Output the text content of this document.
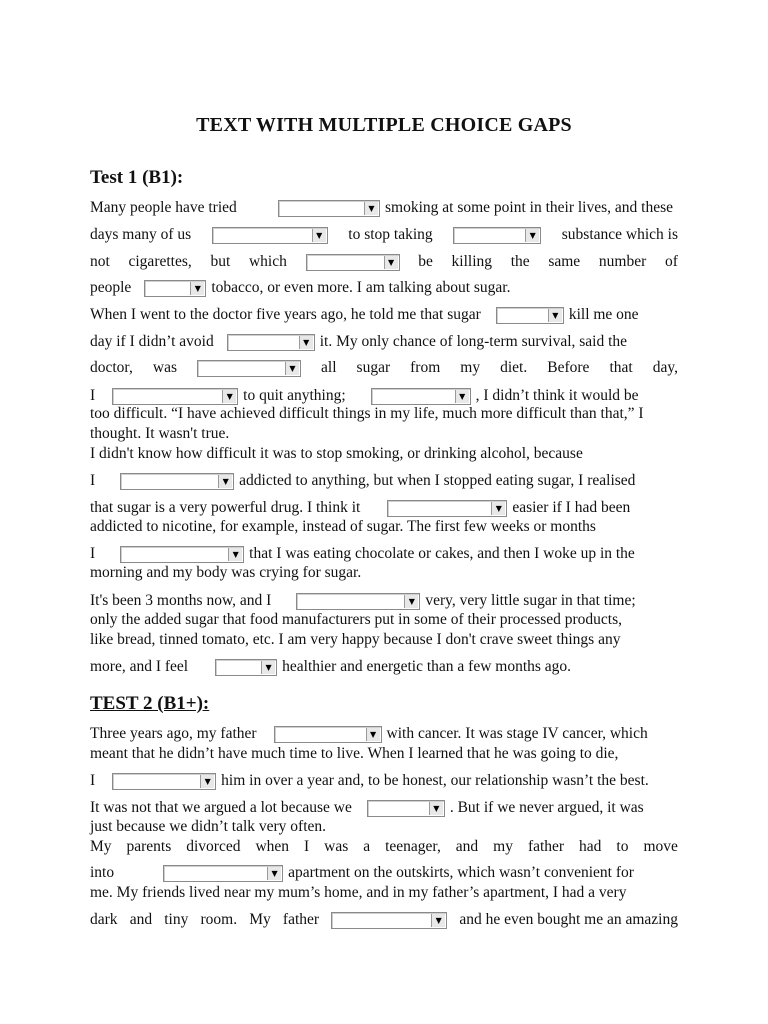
TEXT WITH MULTIPLE CHOICE GAPS
Test 1 (B1):
Many people have tried	▼ smoking at some point in their lives, and these
days many of us	▼ to stop taking	▼ substance which is
not cigarettes, but which	▼ be killing the same number of
people	▼ tobacco, or even more. I am talking about sugar.
When I went to the doctor five years ago, he told me that sugar	▼ kill me one
day if I didn’t avoid	▼ it. My only chance of long-term survival, said the
doctor, was	▼ all sugar from my diet. Before that day,
I	▼ to quit anything;	▼ , I didn’t think it would be
too difficult. “I have achieved difficult things in my life, much more difficult than that,” I
thought. It wasn't true.
I didn't know how difficult it was to stop smoking, or drinking alcohol, because
I	▼ addicted to anything, but when I stopped eating sugar, I realised
that sugar is a very powerful drug. I think it	▼ easier if I had been
addicted to nicotine, for example, instead of sugar. The first few weeks or months
I	▼ that I was eating chocolate or cakes, and then I woke up in the
morning and my body was crying for sugar.
It's been 3 months now, and I	▼ very, very little sugar in that time;
only the added sugar that food manufacturers put in some of their processed products,
like bread, tinned tomato, etc. I am very happy because I don't crave sweet things any
more, and I feel	▼ healthier and energetic than a few months ago.
TEST 2 (B1+):
Three years ago, my father	▼ with cancer. It was stage IV cancer, which
meant that he didn’t have much time to live. When I learned that he was going to die,
I	▼ him in over a year and, to be honest, our relationship wasn’t the best.
It was not that we argued a lot because we	▼ . But if we never argued, it was
just because we didn’t talk very often.
My parents divorced when I was a teenager, and my father had to move
into	▼ apartment on the outskirts, which wasn’t convenient for
me. My friends lived near my mum’s home, and in my father’s apartment, I had a very
dark and tiny room. My father	▼ and he even bought me an amazing
